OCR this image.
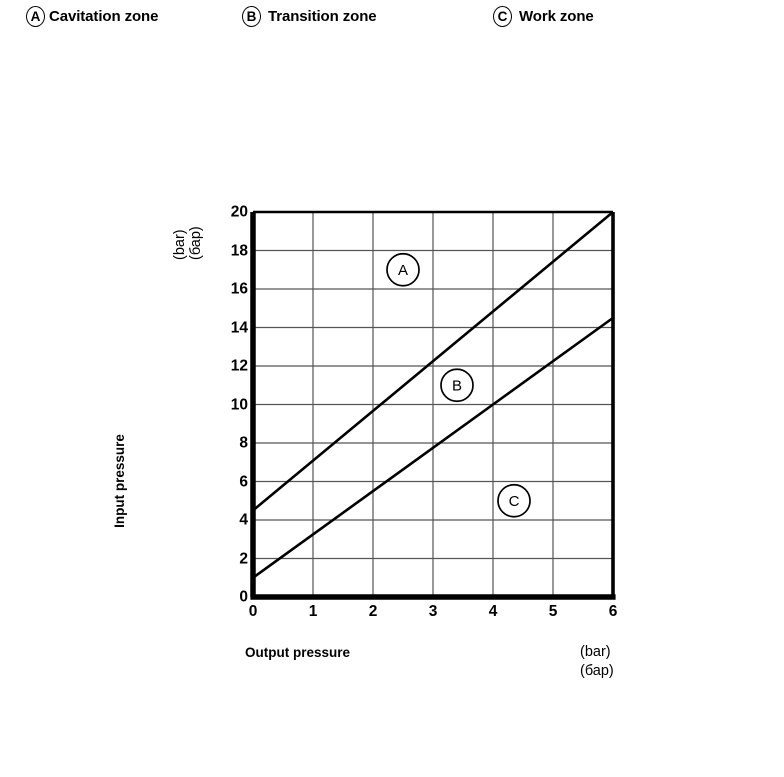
A Cavitation zone	B Transition zone	C Work zone
(bar) (бар)
Input pressure
0
2
4
6
8
10
12
14
16
18
20
A
B
C
0	1	2	3	4	5	6
Output pressure	(bar)
(бар)
